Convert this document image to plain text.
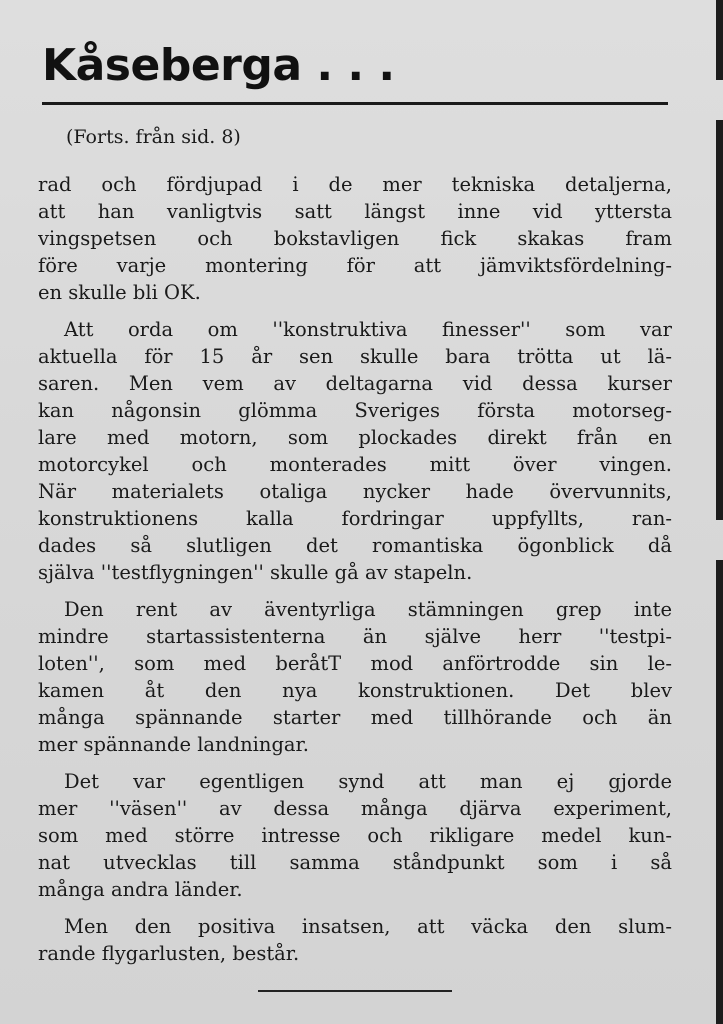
Kåseberga . . .
(Forts. från sid. 8)
rad och fördjupad i de mer tekniska detaljerna,
att han vanligtvis satt längst inne vid yttersta
vingspetsen och bokstavligen fick skakas fram
före varje montering för att jämviktsfördelning-
en skulle bli OK.
Att orda om ''konstruktiva finesser'' som var
aktuella för 15 år sen skulle bara trötta ut lä-
saren. Men vem av deltagarna vid dessa kurser
kan någonsin glömma Sveriges första motorseg-
lare med motorn, som plockades direkt från en
motorcykel och monterades mitt över vingen.
När materialets otaliga nycker hade övervunnits,
konstruktionens kalla fordringar uppfyllts, ran-
dades så slutligen det romantiska ögonblick då
själva ''testflygningen'' skulle gå av stapeln.
Den rent av äventyrliga stämningen grep inte
mindre startassistenterna än själve herr ''testpi-
loten'', som med beråtT mod anförtrodde sin le-
kamen åt den nya konstruktionen. Det blev
många spännande starter med tillhörande och än
mer spännande landningar.
Det var egentligen synd att man ej gjorde
mer ''väsen'' av dessa många djärva experiment,
som med större intresse och rikligare medel kun-
nat utvecklas till samma ståndpunkt som i så
många andra länder.
Men den positiva insatsen, att väcka den slum-
rande flygarlusten, består.
